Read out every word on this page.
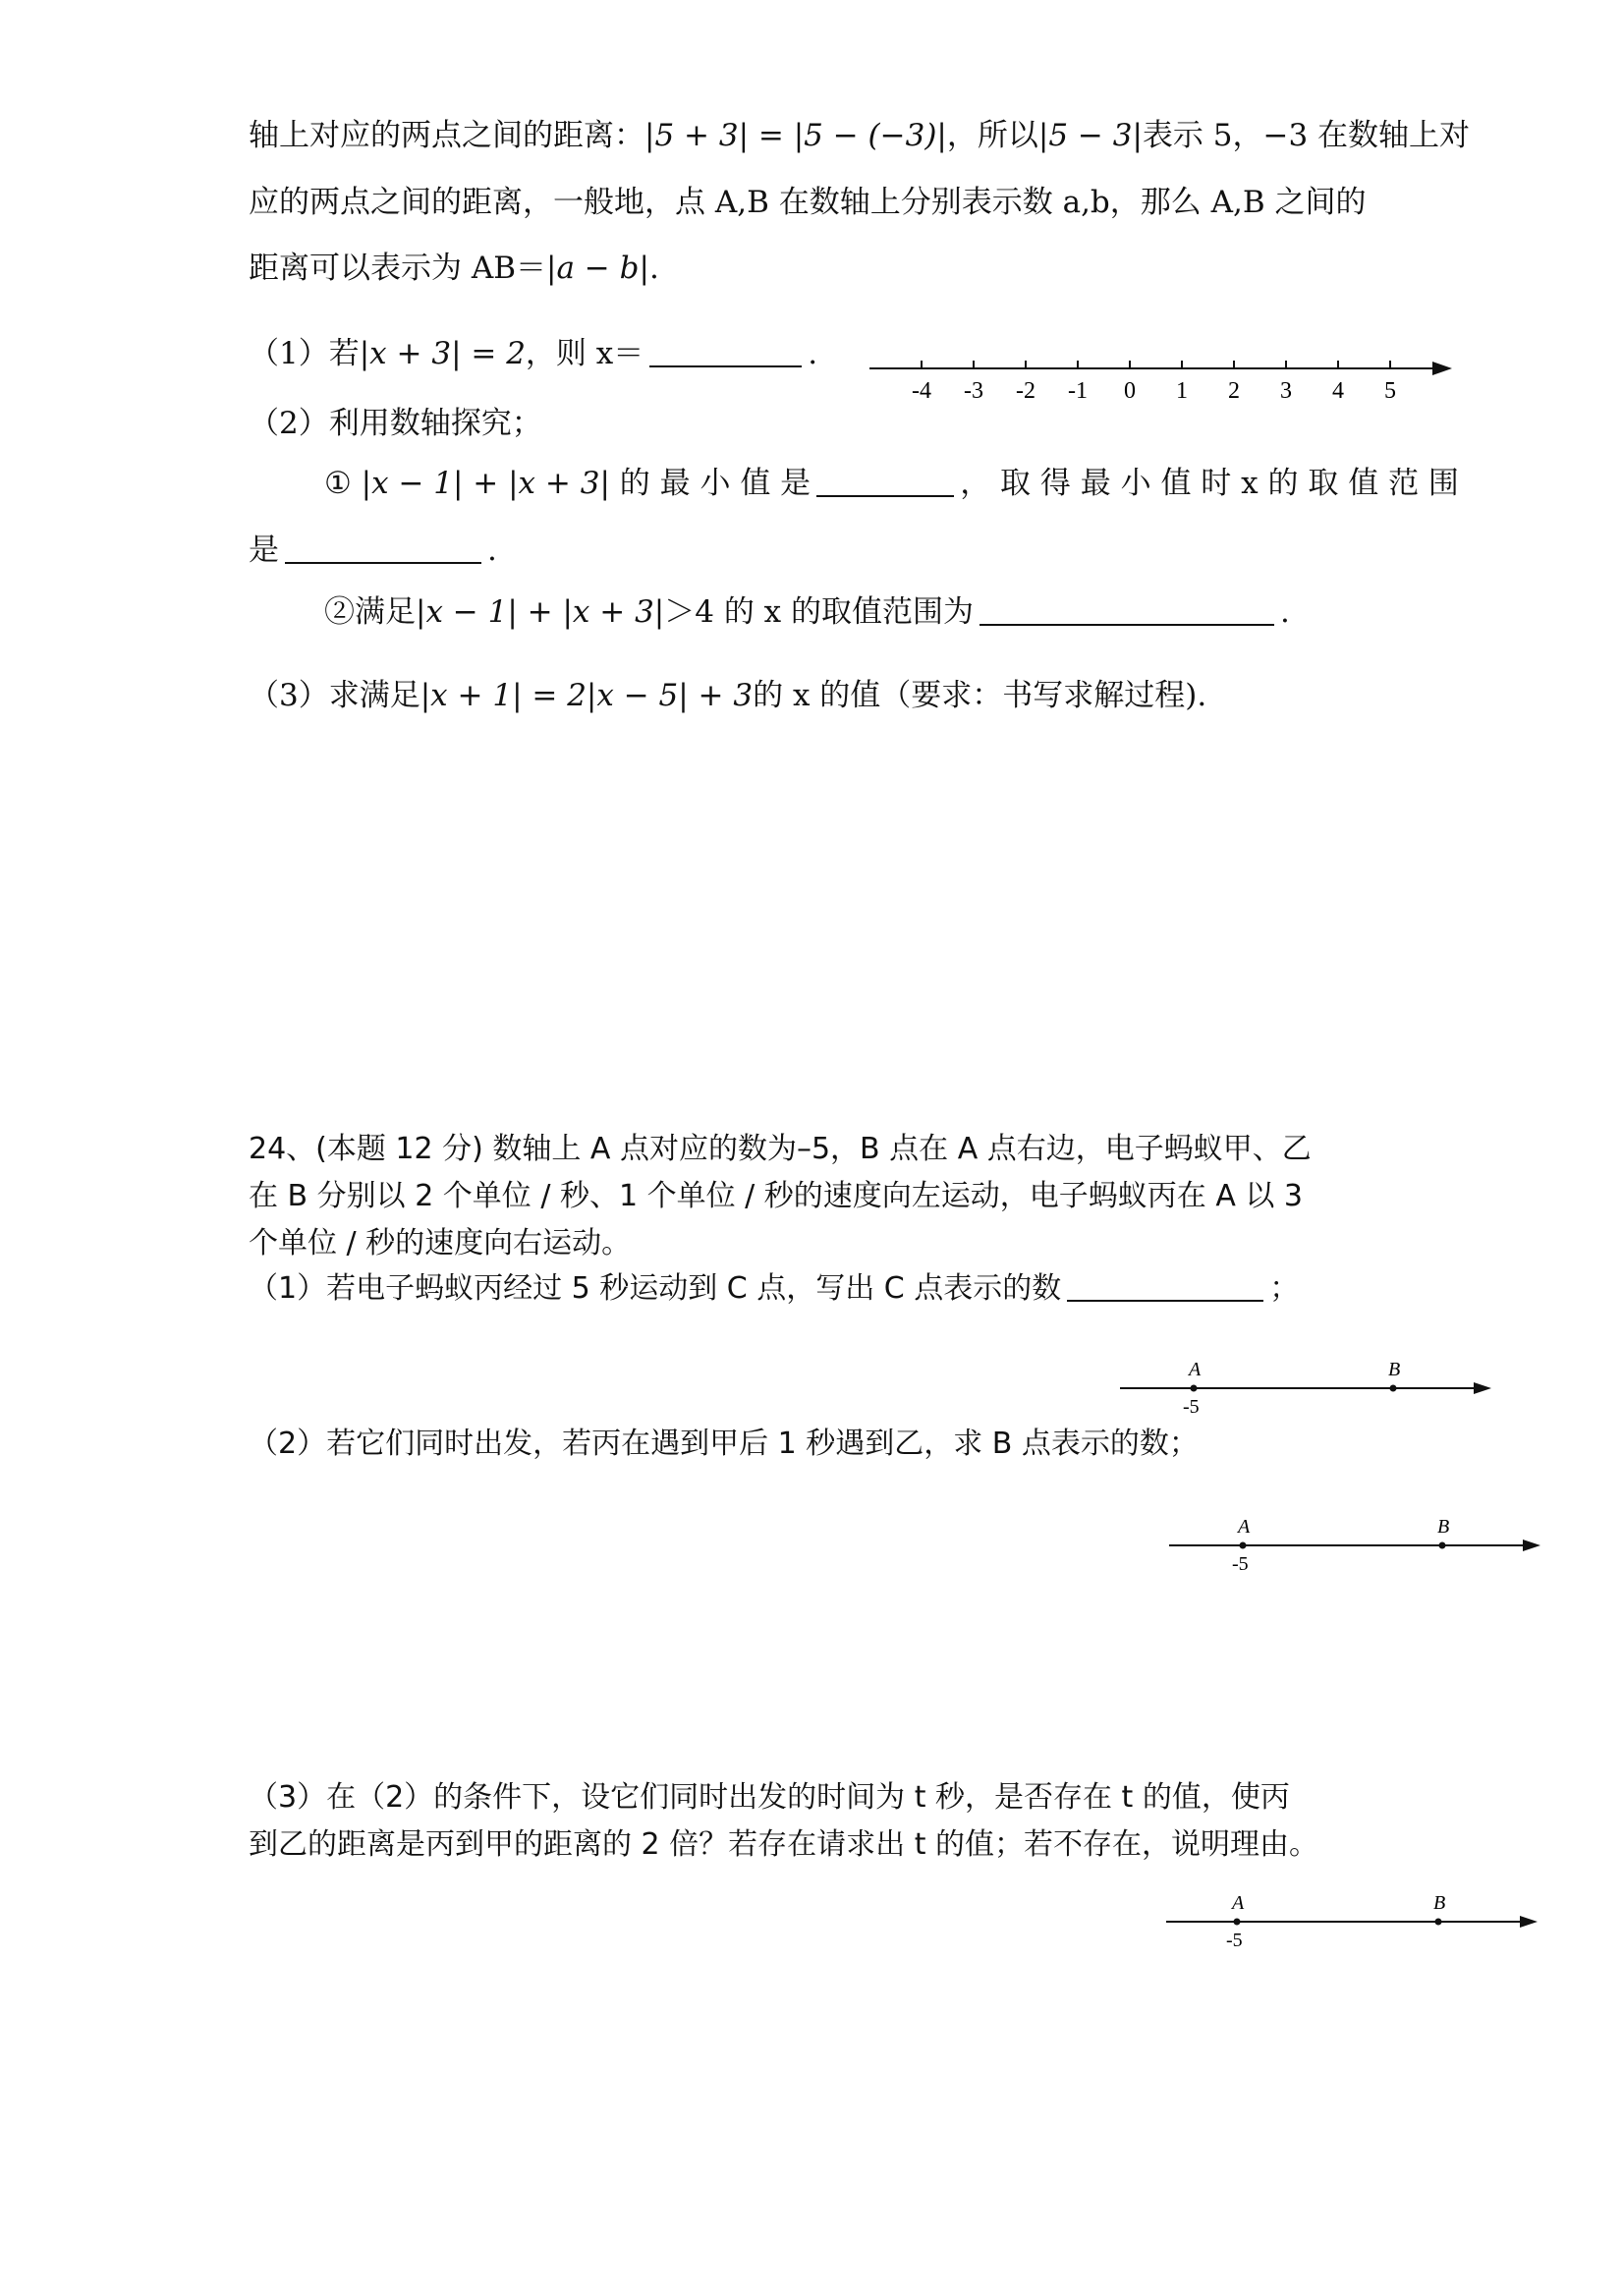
轴上对应的两点之间的距离：|5 + 3| = |5 − (−3)|，所以|5 − 3|表示 5，−3 在数轴上对
应的两点之间的距离，一般地，点 A,B 在数轴上分别表示数 a,b，那么 A,B 之间的
距离可以表示为 AB＝|a − b|.
（1）若|x + 3| = 2，则 x＝	.
-4 -3 -2 -1 0 1 2 3 4 5
（2）利用数轴探究；
① |x − 1| + |x + 3| 的 最 小 值 是	， 取 得 最 小 值 时 x 的 取 值 范 围
是	.
②满足|x − 1| + |x + 3|＞4 的 x 的取值范围为	.
（3）求满足|x + 1| = 2|x − 5| + 3的 x 的值（要求：书写求解过程).
24、(本题 12 分) 数轴上 A 点对应的数为–5，B 点在 A 点右边，电子蚂蚁甲、乙
在 B 分别以 2 个单位 / 秒、1 个单位 / 秒的速度向左运动，电子蚂蚁丙在 A 以 3
个单位 / 秒的速度向右运动。
（1）若电子蚂蚁丙经过 5 秒运动到 C 点，写出 C 点表示的数	；
A	B
-5
（2）若它们同时出发，若丙在遇到甲后 1 秒遇到乙，求 B 点表示的数；
A	B
-5
（3）在（2）的条件下，设它们同时出发的时间为 t 秒，是否存在 t 的值，使丙
到乙的距离是丙到甲的距离的 2 倍？若存在请求出 t 的值；若不存在，说明理由。
A	B
-5
